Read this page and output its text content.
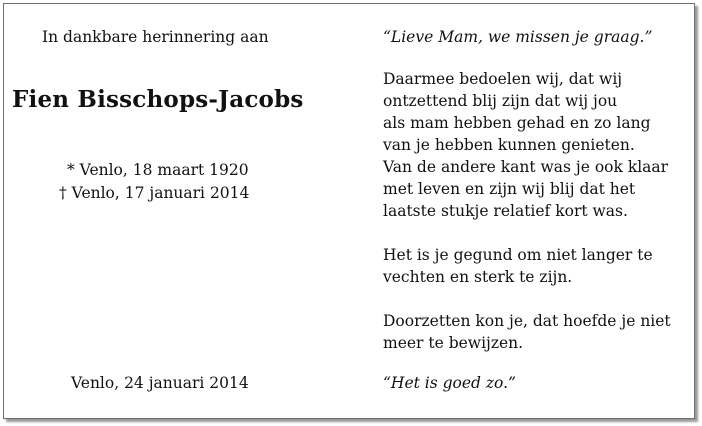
In dankbare herinnering aan
Fien Bisschops-Jacobs
* Venlo, 18 maart 1920
† Venlo, 17 januari 2014
Venlo, 24 januari 2014
“Lieve Mam, we missen je graag.”
Daarmee bedoelen wij, dat wij
ontzettend blij zijn dat wij jou
als mam hebben gehad en zo lang
van je hebben kunnen genieten.
Van de andere kant was je ook klaar
met leven en zijn wij blij dat het
laatste stukje relatief kort was.
Het is je gegund om niet langer te
vechten en sterk te zijn.
Doorzetten kon je, dat hoefde je niet
meer te bewijzen.
“Het is goed zo.”
